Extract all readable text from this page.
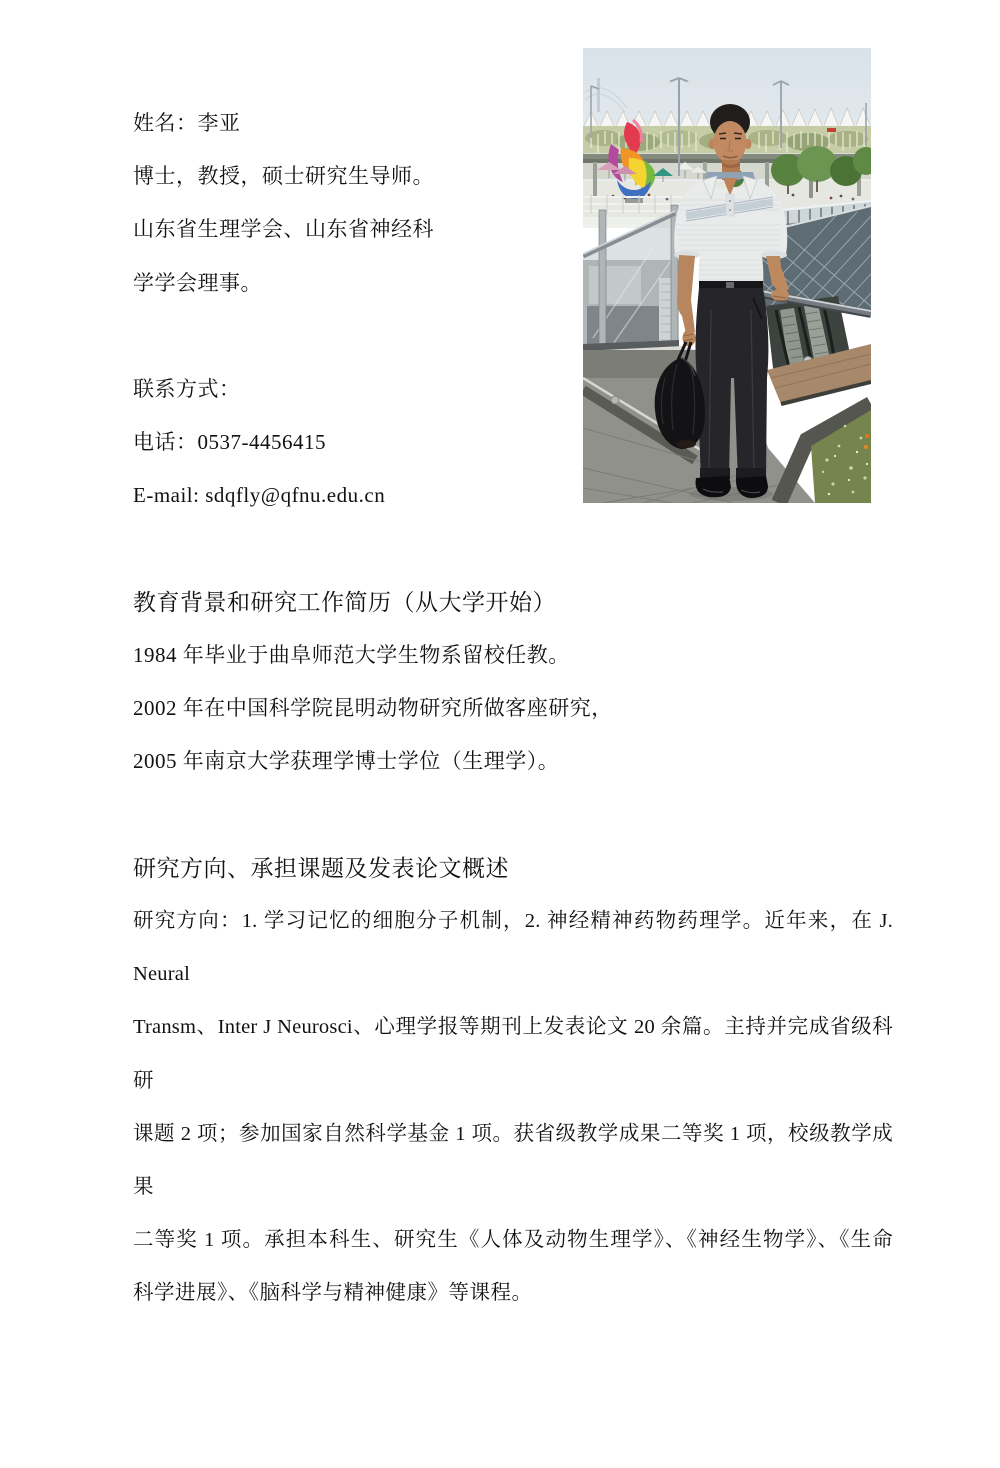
姓名：李亚
博士，教授，硕士研究生导师。
山东省生理学会、山东省神经科
学学会理事。
联系方式：
电话：0537-4456415
E-mail: sdqfly@qfnu.edu.cn
教育背景和研究工作简历（从大学开始）
1984 年毕业于曲阜师范大学生物系留校任教。
2002 年在中国科学院昆明动物研究所做客座研究，
2005 年南京大学获理学博士学位（生理学）。
研究方向、承担课题及发表论文概述
研究方向：1. 学习记忆的细胞分子机制，2. 神经精神药物药理学。近年来，在 J. Neural
Transm、Inter J Neurosci、心理学报等期刊上发表论文 20 余篇。主持并完成省级科研
课题 2 项；参加国家自然科学基金 1 项。获省级教学成果二等奖 1 项，校级教学成果
二等奖 1 项。承担本科生、研究生《人体及动物生理学》、《神经生物学》、《生命
科学进展》、《脑科学与精神健康》等课程。
